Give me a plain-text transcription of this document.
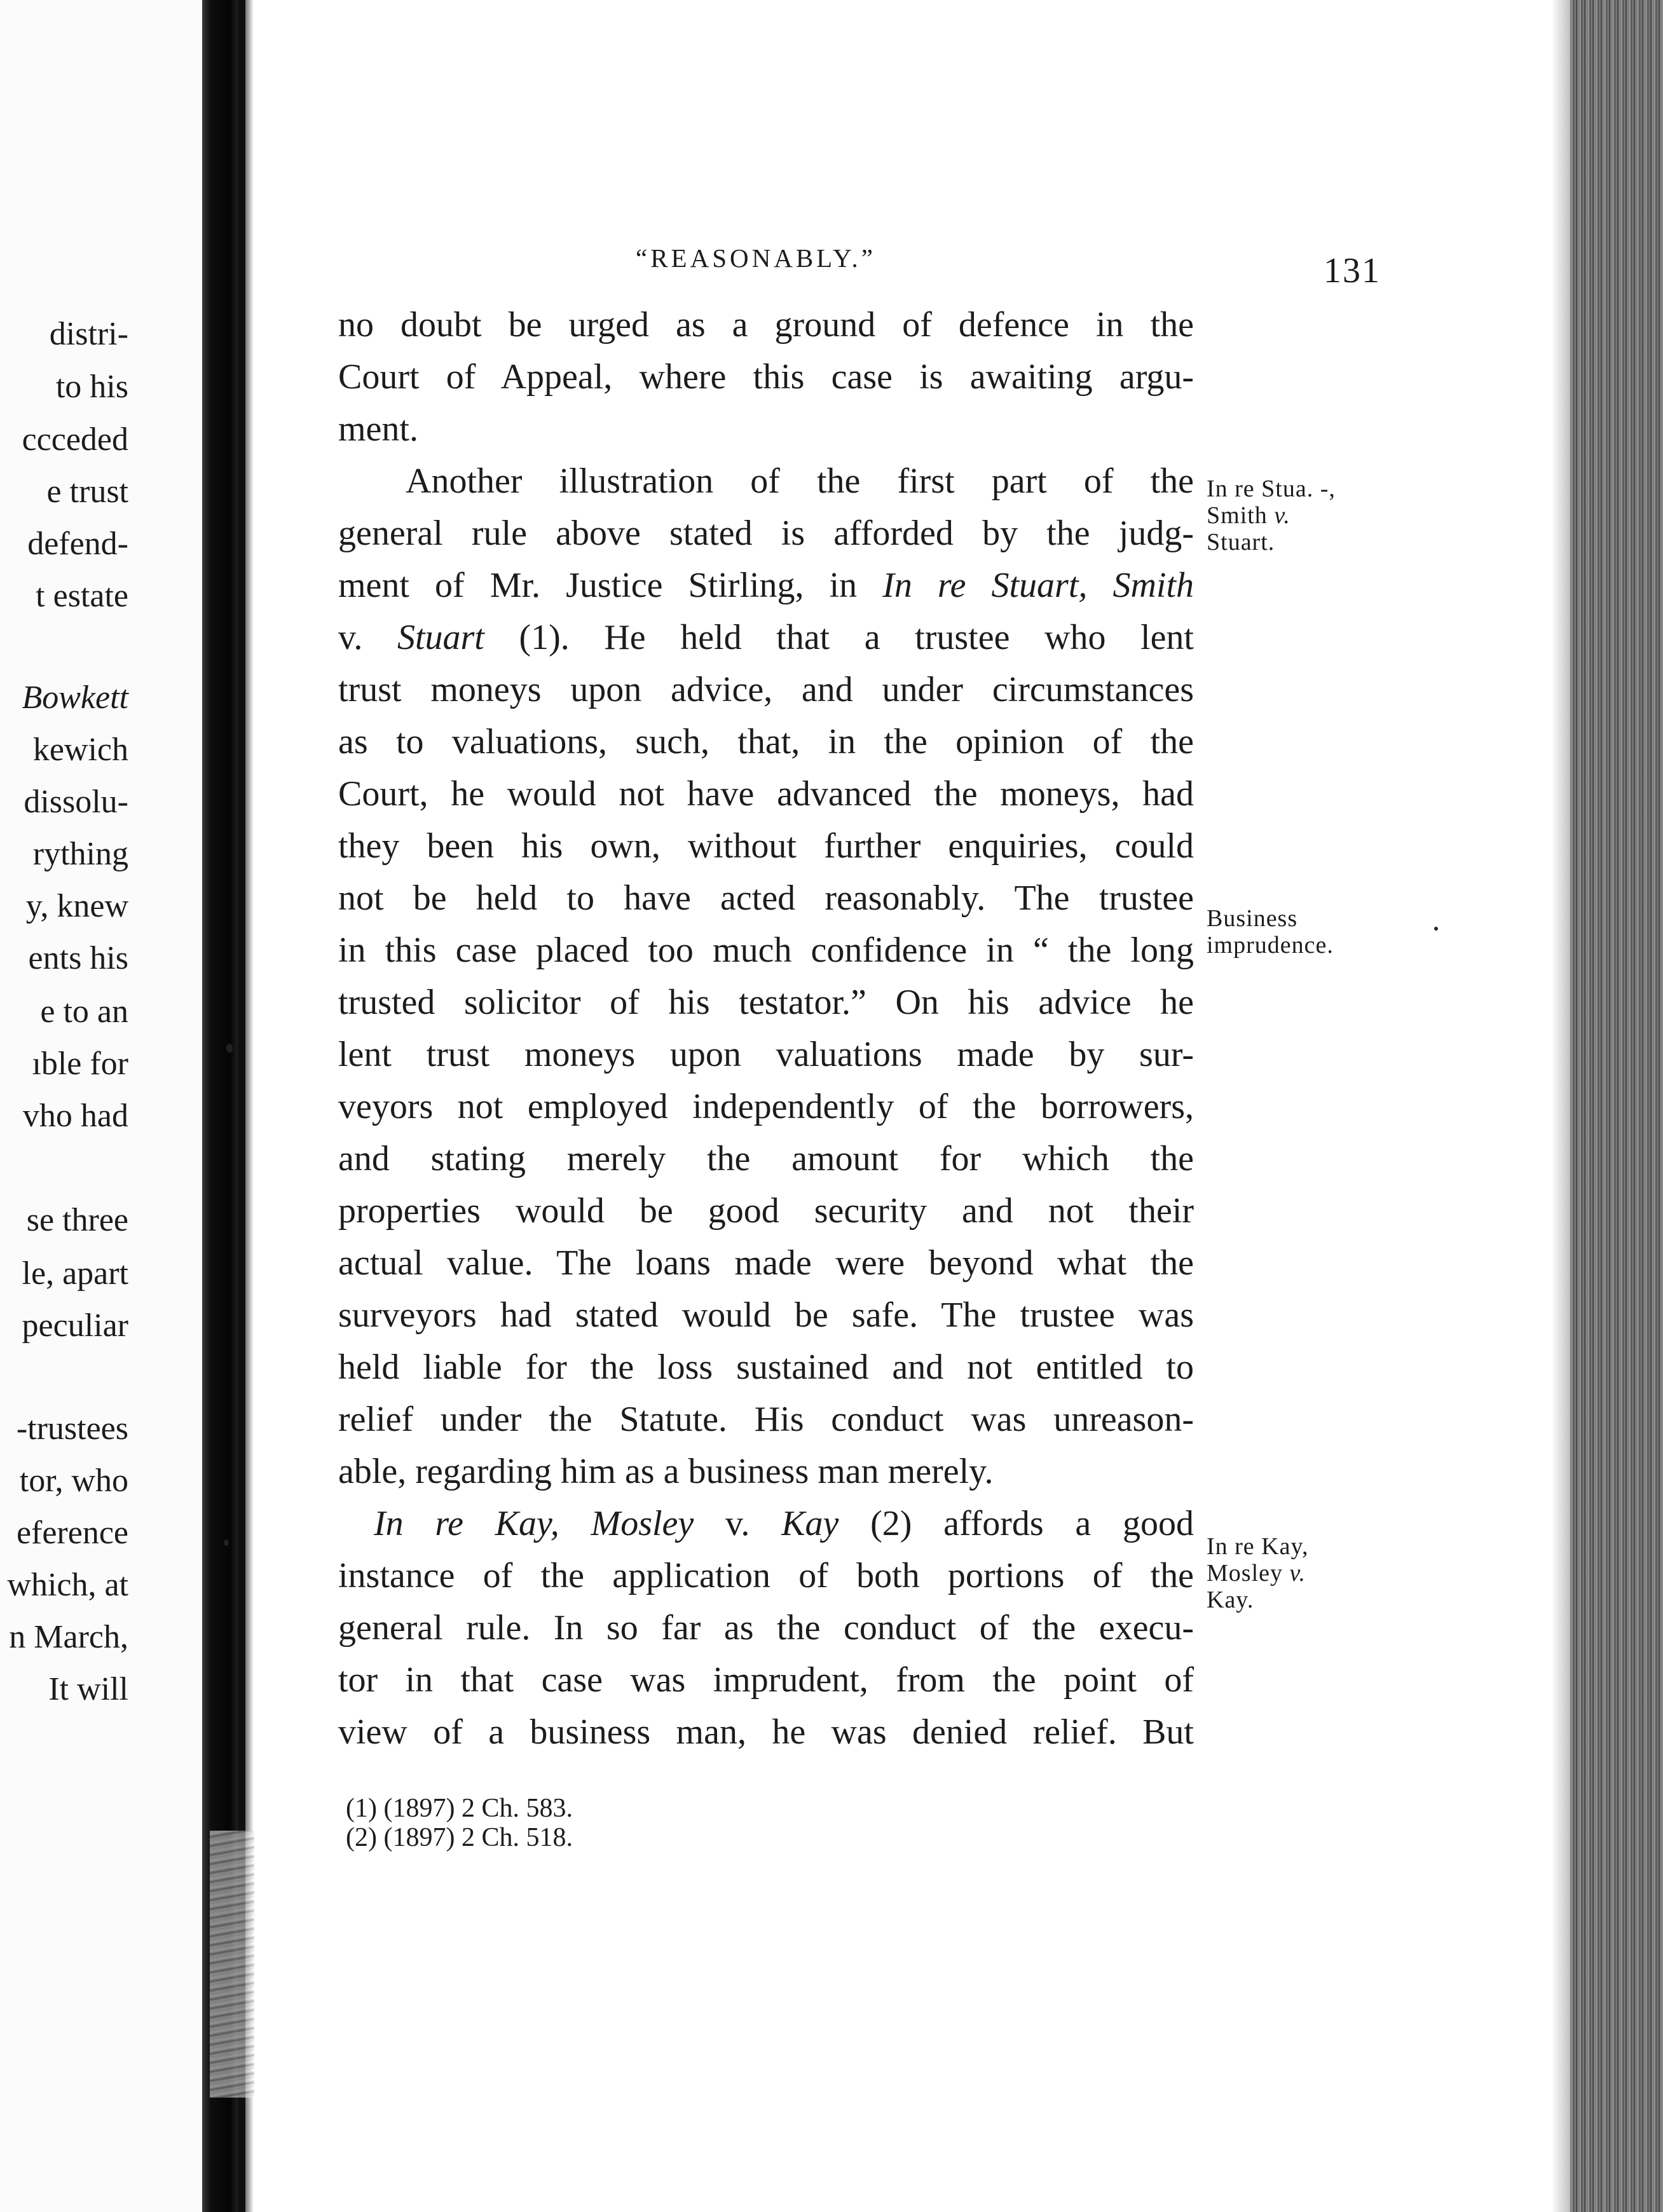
distri-
to his
ccceded
e trust
defend-
t estate
Bowkett
kewich
dissolu-
rything
y, knew
ents his
e to an
ıble for
vho had
se three
le, apart
peculiar
-trustees
tor, who
eference
which, at
n March,
It will
“REASONABLY.”	131
no doubt be urged as a ground of defence in the
Court of Appeal, where this case is awaiting argu-
ment.
Another illustration of the first part of the
general rule above stated is afforded by the judg-
ment of Mr. Justice Stirling, in In re Stuart, Smith
v. Stuart (1). He held that a trustee who lent
trust moneys upon advice, and under circumstances
as to valuations, such, that, in the opinion of the
Court, he would not have advanced the moneys, had
they been his own, without further enquiries, could
not be held to have acted reasonably. The trustee
in this case placed too much confidence in “ the long
trusted solicitor of his testator.” On his advice he
lent trust moneys upon valuations made by sur-
veyors not employed independently of the borrowers,
and stating merely the amount for which the
properties would be good security and not their
actual value. The loans made were beyond what the
surveyors had stated would be safe. The trustee was
held liable for the loss sustained and not entitled to
relief under the Statute. His conduct was unreason-
able, regarding him as a business man merely.
In re Kay, Mosley v. Kay (2) affords a good
instance of the application of both portions of the
general rule. In so far as the conduct of the execu-
tor in that case was imprudent, from the point of
view of a business man, he was denied relief. But
In re Stua. -,
Smith v.
Stuart.
Business
imprudence.
In re Kay,
Mosley v.
Kay.
(1) (1897) 2 Ch. 583.
(2) (1897) 2 Ch. 518.
